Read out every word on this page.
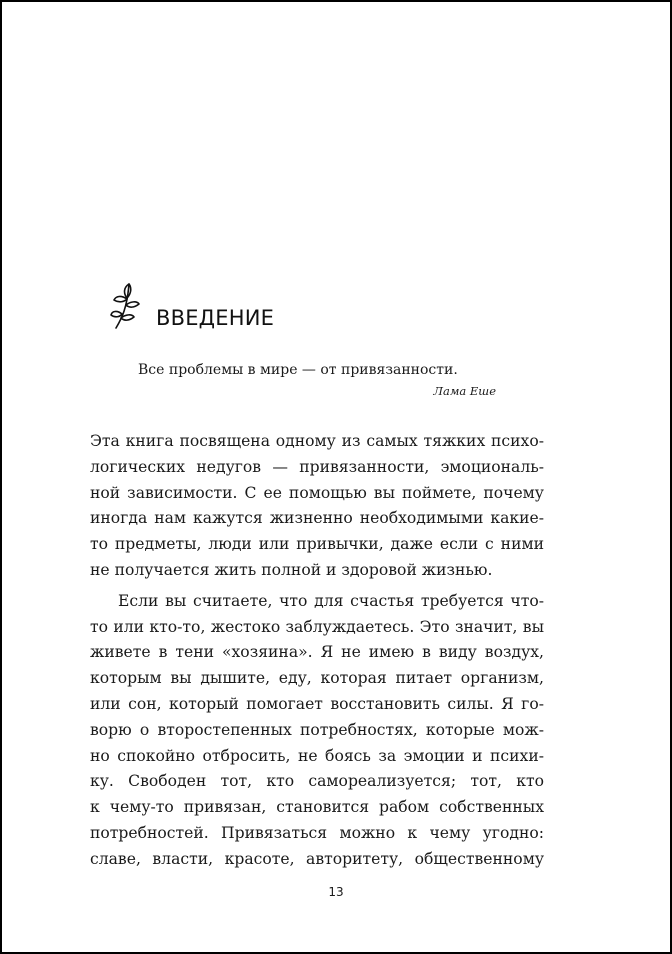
ВВЕДЕНИЕ

Все проблемы в мире — от привязанности.

Лама Еше

Эта книга посвящена одному из самых тяжких психо-
логических недугов — привязанности, эмоциональ-
ной зависимости. С ее помощью вы поймете, почему
иногда нам кажутся жизненно необходимыми какие-
то предметы, люди или привычки, даже если с ними
не получается жить полной и здоровой жизнью.
Если вы считаете, что для счастья требуется что-
то или кто-то, жестоко заблуждаетесь. Это значит, вы
живете в тени «хозяина». Я не имею в виду воздух,
которым вы дышите, еду, которая питает организм,
или сон, который помогает восстановить силы. Я го-
ворю о второстепенных потребностях, которые мож-
но спокойно отбросить, не боясь за эмоции и психи-
ку. Свободен тот, кто самореализуется; тот, кто
к чему-то привязан, становится рабом собственных
потребностей. Привязаться можно к чему угодно:
славе, власти, красоте, авторитету, общественному
13
